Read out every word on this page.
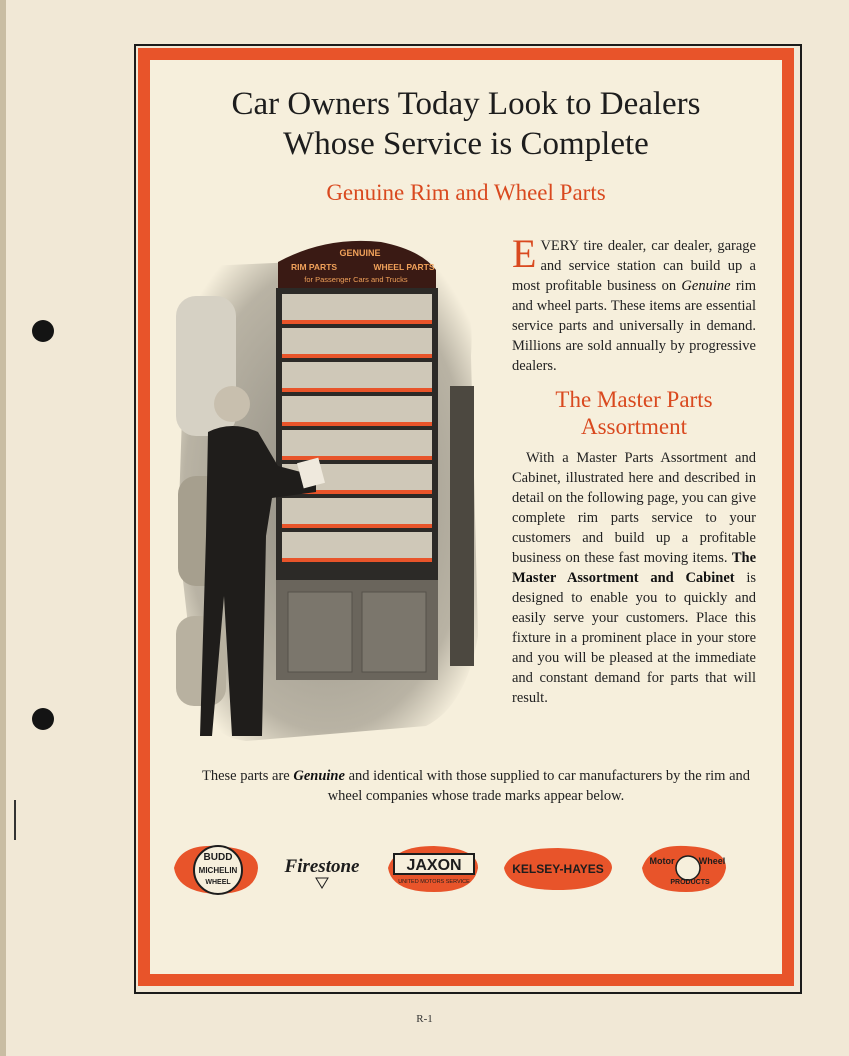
Car Owners Today Look to Dealers
Whose Service is Complete
Genuine Rim and Wheel Parts
GENUINE
RIM PARTS	WHEEL PARTS
for Passenger Cars and Trucks
EVERY tire dealer, car dealer, garage and service station can build up a most profitable business on Genuine rim and wheel parts. These items are essential service parts and universally in demand. Millions are sold annually by progressive dealers.
The Master Parts
Assortment
With a Master Parts Assortment and Cabinet, illustrated here and described in detail on the following page, you can give complete rim parts service to your customers and build up a profitable business on these fast moving items. The Master Assortment and Cabinet is designed to enable you to quickly and easily serve your customers. Place this fixture in a prominent place in your store and you will be pleased at the immediate and constant demand for parts that will result.
These parts are Genuine and identical with those supplied to car manufacturers by the rim and wheel companies whose trade marks appear below.
BUDD
MICHELIN
WHEEL
Firestone	JAXON
UNITED MOTORS SERVICE
KELSEY-HAYES
Motor	Wheel
PRODUCTS
R-1
